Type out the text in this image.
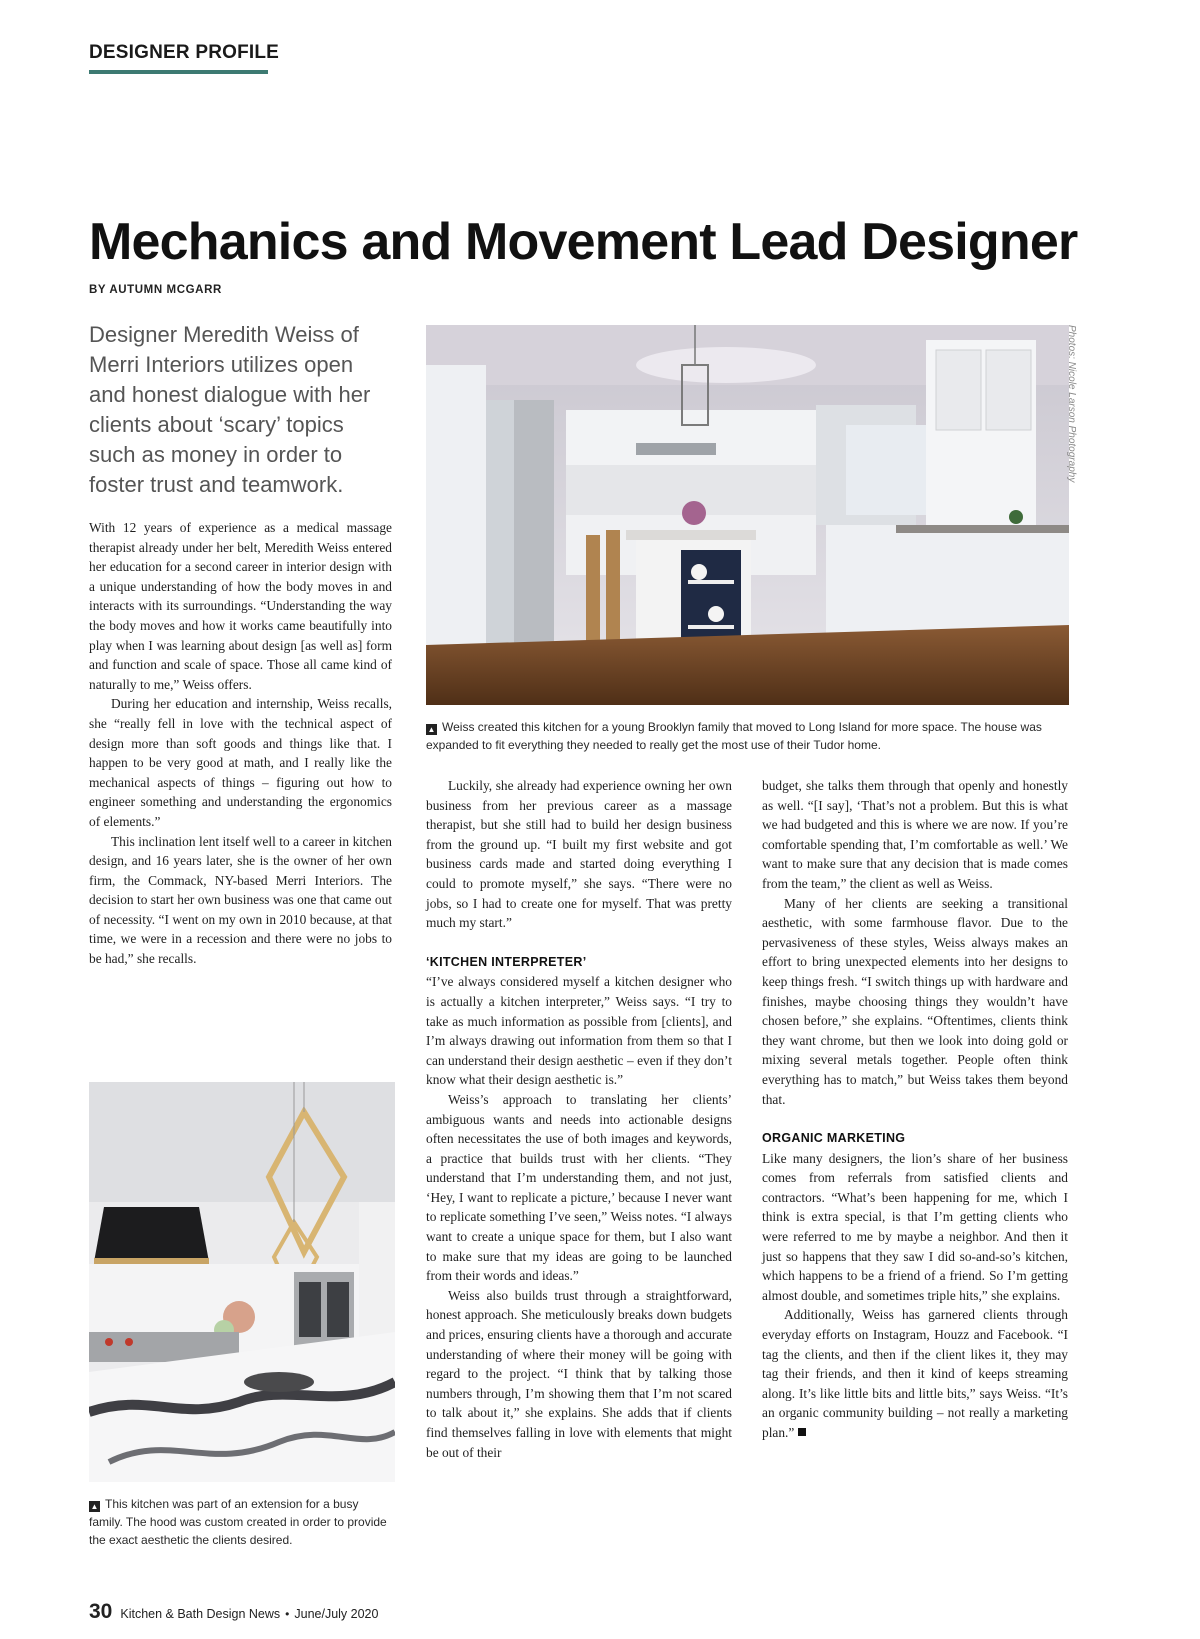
DESIGNER PROFILE
Mechanics and Movement Lead Designer
BY AUTUMN MCGARR
Designer Meredith Weiss of Merri Interiors utilizes open and honest dialogue with her clients about ‘scary’ topics such as money in order to foster trust and teamwork.
Photos: Nicole Larson Photography
▲ Weiss created this kitchen for a young Brooklyn family that moved to Long Island for more space. The house was expanded to fit everything they needed to really get the most use of their Tudor home.

With 12 years of experience as a medical massage therapist already under her belt, Meredith Weiss entered her education for a second career in interior design with a unique understanding of how the body moves in and interacts with its surroundings. “Understanding the way the body moves and how it works came beautifully into play when I was learning about design [as well as] form and function and scale of space. Those all came kind of naturally to me,” Weiss offers.

During her education and internship, Weiss recalls, she “really fell in love with the technical aspect of design more than soft goods and things like that. I happen to be very good at math, and I really like the mechanical aspects of things – figuring out how to engineer something and understanding the ergonomics of elements.”

This inclination lent itself well to a career in kitchen design, and 16 years later, she is the owner of her own firm, the Commack, NY-based Merri Interiors. The decision to start her own business was one that came out of necessity. “I went on my own in 2010 because, at that time, we were in a recession and there were no jobs to be had,” she recalls.

▲ This kitchen was part of an extension for a busy family. The hood was custom created in order to provide the exact aesthetic the clients desired.

Luckily, she already had experience owning her own business from her previous career as a massage therapist, but she still had to build her design business from the ground up. “I built my first website and got business cards made and started doing everything I could to promote myself,” she says. “There were no jobs, so I had to create one for myself. That was pretty much my start.”

‘KITCHEN INTERPRETER’

“I’ve always considered myself a kitchen designer who is actually a kitchen interpreter,” Weiss says. “I try to take as much information as possible from [clients], and I’m always drawing out information from them so that I can understand their design aesthetic – even if they don’t know what their design aesthetic is.”

Weiss’s approach to translating her clients’ ambiguous wants and needs into actionable designs often necessitates the use of both images and keywords, a practice that builds trust with her clients. “They understand that I’m understanding them, and not just, ‘Hey, I want to replicate a picture,’ because I never want to replicate something I’ve seen,” Weiss notes. “I always want to create a unique space for them, but I also want to make sure that my ideas are going to be launched from their words and ideas.”

Weiss also builds trust through a straightforward, honest approach. She meticulously breaks down budgets and prices, ensuring clients have a thorough and accurate understanding of where their money will be going with regard to the project. “I think that by talking those numbers through, I’m showing them that I’m not scared to talk about it,” she explains. She adds that if clients find themselves falling in love with elements that might be out of their

budget, she talks them through that openly and honestly as well. “[I say], ‘That’s not a problem. But this is what we had budgeted and this is where we are now. If you’re comfortable spending that, I’m comfortable as well.’ We want to make sure that any decision that is made comes from the team,” the client as well as Weiss.

Many of her clients are seeking a transitional aesthetic, with some farmhouse flavor. Due to the pervasiveness of these styles, Weiss always makes an effort to bring unexpected elements into her designs to keep things fresh. “I switch things up with hardware and finishes, maybe choosing things they wouldn’t have chosen before,” she explains. “Oftentimes, clients think they want chrome, but then we look into doing gold or mixing several metals together. People often think everything has to match,” but Weiss takes them beyond that.

ORGANIC MARKETING

Like many designers, the lion’s share of her business comes from referrals from satisfied clients and contractors. “What’s been happening for me, which I think is extra special, is that I’m getting clients who were referred to me by maybe a neighbor. And then it just so happens that they saw I did so-and-so’s kitchen, which happens to be a friend of a friend. So I’m getting almost double, and sometimes triple hits,” she explains.

Additionally, Weiss has garnered clients through everyday efforts on Instagram, Houzz and Facebook. “I tag the clients, and then if the client likes it, they may tag their friends, and then it kind of keeps streaming along. It’s like little bits and little bits,” says Weiss. “It’s an organic community building – not really a marketing plan.”

30 Kitchen & Bath Design News • June/July 2020
